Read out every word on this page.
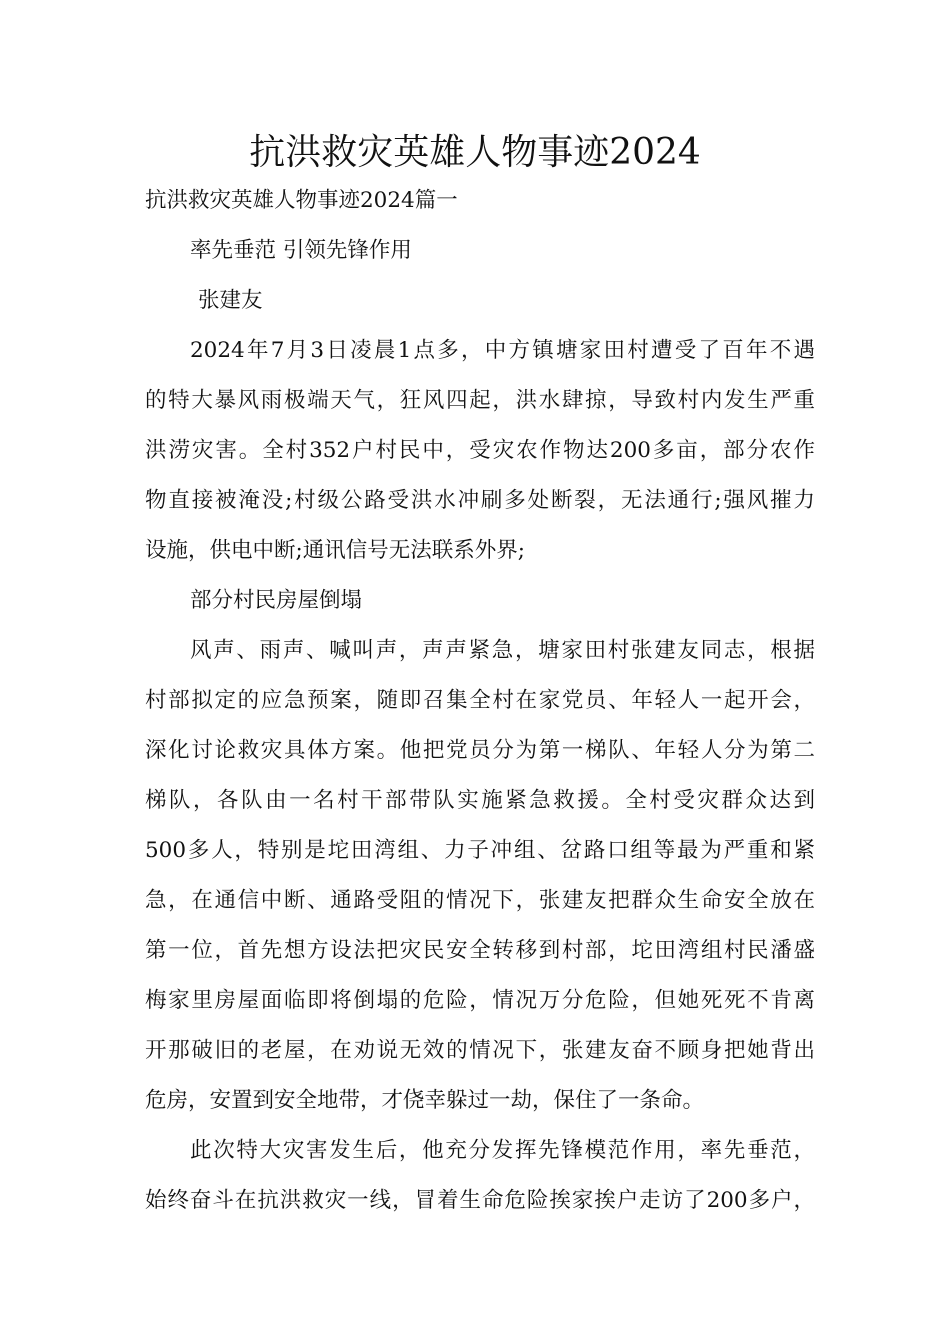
抗洪救灾英雄人物事迹2024

抗洪救灾英雄人物事迹2024篇一

率先垂范 引领先锋作用

张建友

2024年7月3日凌晨1点多，中方镇塘家田村遭受了百年不遇

的特大暴风雨极端天气，狂风四起，洪水肆掠，导致村内发生严重

洪涝灾害。全村352户村民中，受灾农作物达200多亩，部分农作

物直接被淹没;村级公路受洪水冲刷多处断裂，无法通行;强风摧力

设施，供电中断;通讯信号无法联系外界;

部分村民房屋倒塌

风声、雨声、喊叫声，声声紧急，塘家田村张建友同志，根据

村部拟定的应急预案，随即召集全村在家党员、年轻人一起开会，

深化讨论救灾具体方案。他把党员分为第一梯队、年轻人分为第二

梯队，各队由一名村干部带队实施紧急救援。全村受灾群众达到

500多人，特别是坨田湾组、力子冲组、岔路口组等最为严重和紧

急，在通信中断、通路受阻的情况下，张建友把群众生命安全放在

第一位，首先想方设法把灾民安全转移到村部，坨田湾组村民潘盛

梅家里房屋面临即将倒塌的危险，情况万分危险，但她死死不肯离

开那破旧的老屋，在劝说无效的情况下，张建友奋不顾身把她背出

危房，安置到安全地带，才侥幸躲过一劫，保住了一条命。

此次特大灾害发生后，他充分发挥先锋模范作用，率先垂范，

始终奋斗在抗洪救灾一线，冒着生命危险挨家挨户走访了200多户，
